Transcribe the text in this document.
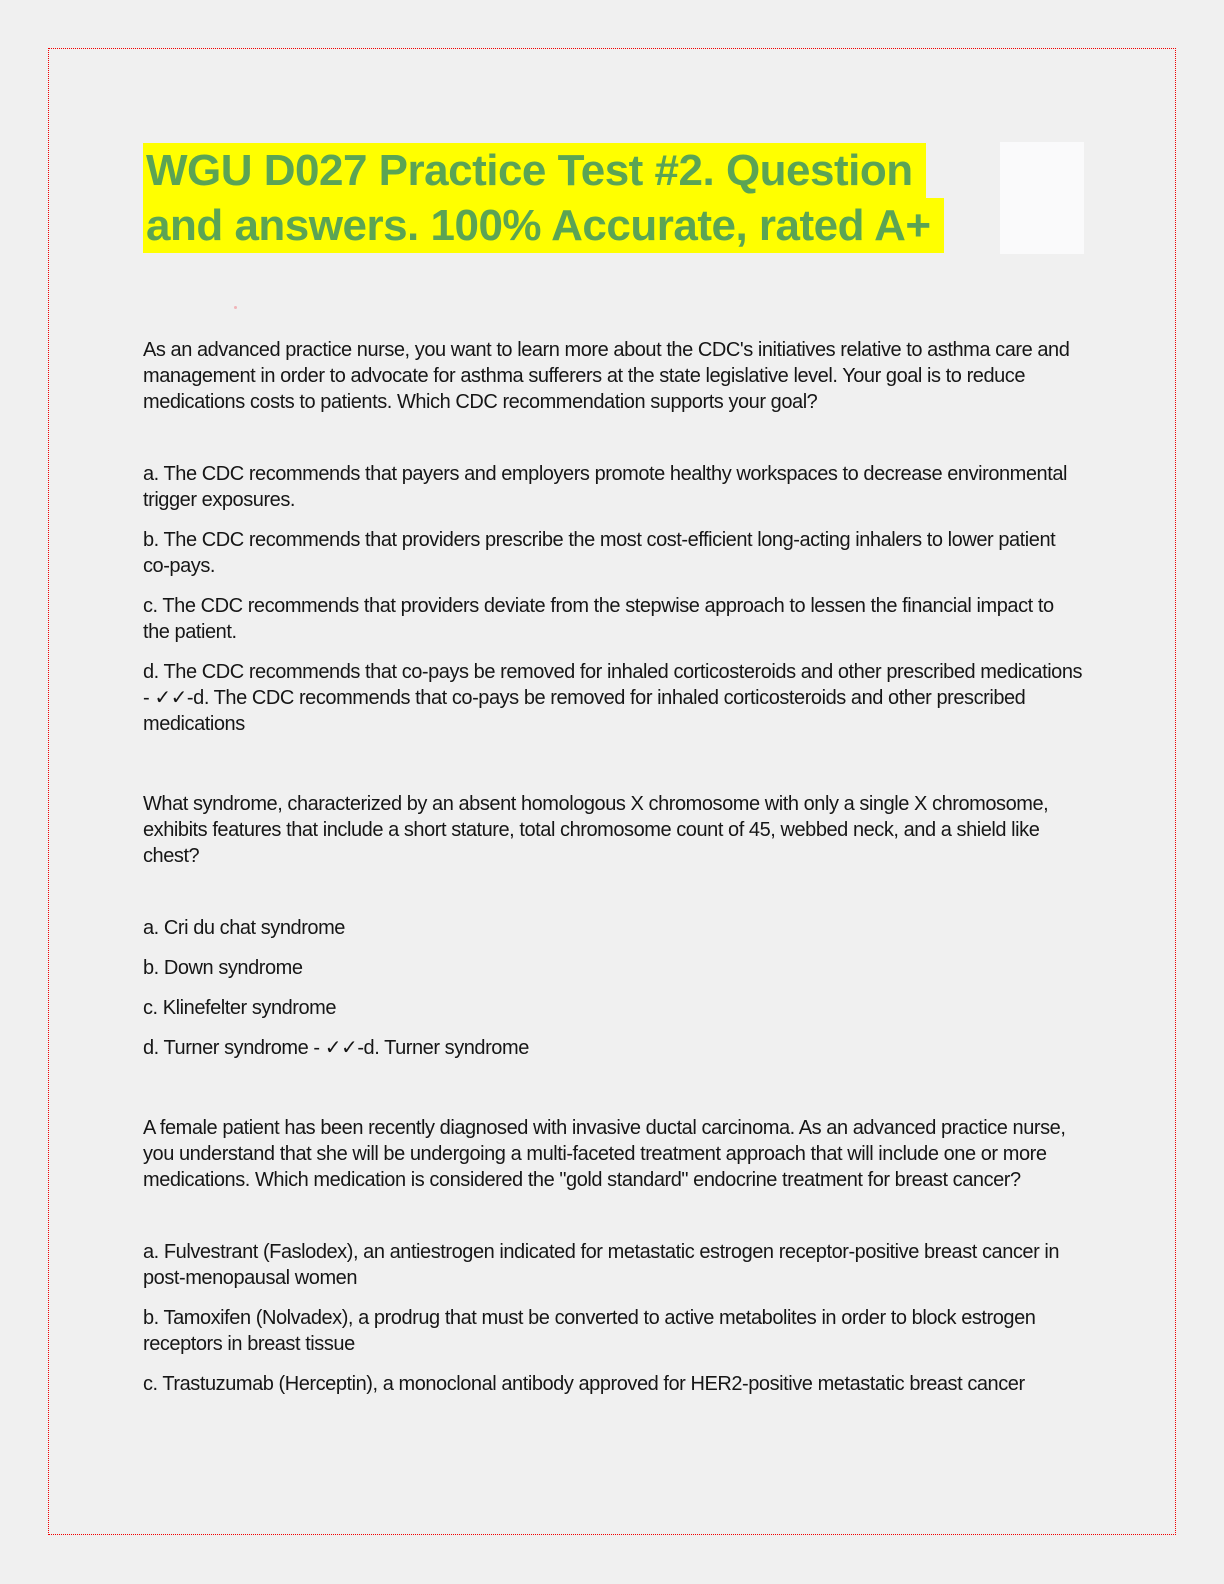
WGU D027 Practice Test #2. Question
and answers. 100% Accurate, rated A+

As an advanced practice nurse, you want to learn more about the CDC's initiatives relative to asthma care and management in order to advocate for asthma sufferers at the state legislative level. Your goal is to reduce medications costs to patients. Which CDC recommendation supports your goal?

a. The CDC recommends that payers and employers promote healthy workspaces to decrease environmental trigger exposures.

b. The CDC recommends that providers prescribe the most cost-efficient long-acting inhalers to lower patient co-pays.

c. The CDC recommends that providers deviate from the stepwise approach to lessen the financial impact to the patient.

d. The CDC recommends that co-pays be removed for inhaled corticosteroids and other prescribed medications - ✓✓-d. The CDC recommends that co-pays be removed for inhaled corticosteroids and other prescribed medications

What syndrome, characterized by an absent homologous X chromosome with only a single X chromosome, exhibits features that include a short stature, total chromosome count of 45, webbed neck, and a shield like chest?

a. Cri du chat syndrome

b. Down syndrome

c. Klinefelter syndrome

d. Turner syndrome - ✓✓-d. Turner syndrome

A female patient has been recently diagnosed with invasive ductal carcinoma. As an advanced practice nurse, you understand that she will be undergoing a multi-faceted treatment approach that will include one or more medications. Which medication is considered the "gold standard" endocrine treatment for breast cancer?

a. Fulvestrant (Faslodex), an antiestrogen indicated for metastatic estrogen receptor-positive breast cancer in post-menopausal women

b. Tamoxifen (Nolvadex), a prodrug that must be converted to active metabolites in order to block estrogen receptors in breast tissue

c. Trastuzumab (Herceptin), a monoclonal antibody approved for HER2-positive metastatic breast cancer
